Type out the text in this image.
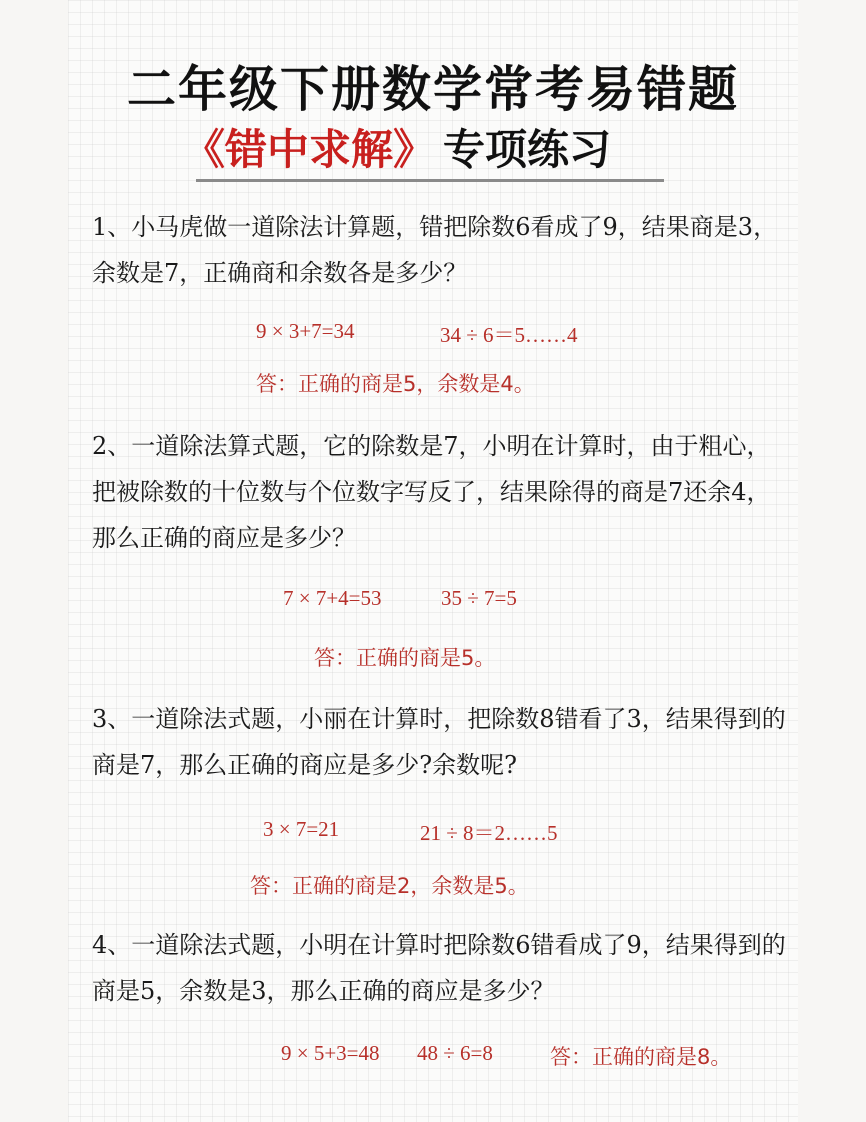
二年级下册数学常考易错题
《错中求解》 专项练习
1、小马虎做一道除法计算题，错把除数6看成了9，结果商是3，余数是7，正确商和余数各是多少？
9 × 3+7=34	34 ÷ 6＝5……4
答：正确的商是5，余数是4。
2、一道除法算式题，它的除数是7，小明在计算时，由于粗心，把被除数的十位数与个位数字写反了，结果除得的商是7还余4，那么正确的商应是多少？
7 × 7+4=53	35 ÷ 7=5
答：正确的商是5。
3、一道除法式题，小丽在计算时，把除数8错看了3，结果得到的商是7，那么正确的商应是多少?余数呢?
3 × 7=21	21 ÷ 8＝2……5
答：正确的商是2，余数是5。
4、一道除法式题，小明在计算时把除数6错看成了9，结果得到的商是5，余数是3，那么正确的商应是多少？
9 × 5+3=48 48 ÷ 6=8	答：正确的商是8。
